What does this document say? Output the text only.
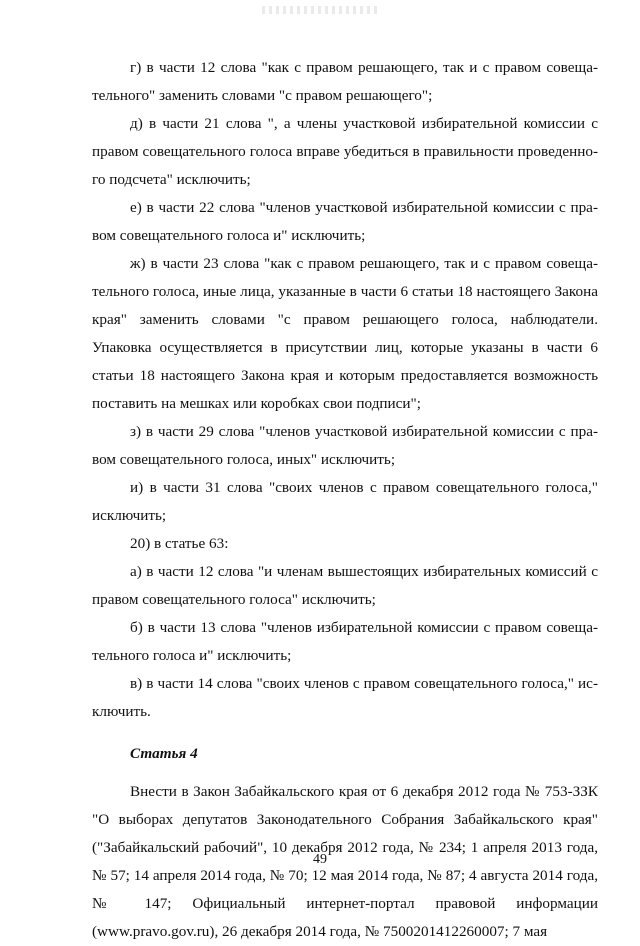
г) в части 12 слова "как с правом решающего, так и с правом совещательного" заменить словами "с правом решающего";

д) в части 21 слова ", а члены участковой избирательной комиссии с правом совещательного голоса вправе убедиться в правильности проведенного подсчета" исключить;

е) в части 22 слова "членов участковой избирательной комиссии с правом совещательного голоса и" исключить;

ж) в части 23 слова "как с правом решающего, так и с правом совещательного голоса, иные лица, указанные в части 6 статьи 18 настоящего Закона края" заменить словами "с правом решающего голоса, наблюдатели. Упаковка осуществляется в присутствии лиц, которые указаны в части 6 статьи 18 настоящего Закона края и которым предоставляется возможность поставить на мешках или коробках свои подписи";

з) в части 29 слова "членов участковой избирательной комиссии с правом совещательного голоса, иных" исключить;

и) в части 31 слова "своих членов с правом совещательного голоса," исключить;

20) в статье 63:

а) в части 12 слова "и членам вышестоящих избирательных комиссий с правом совещательного голоса" исключить;

б) в части 13 слова "членов избирательной комиссии с правом совещательного голоса и" исключить;

в) в части 14 слова "своих членов с правом совещательного голоса," исключить.

Статья 4

Внести в Закон Забайкальского края от 6 декабря 2012 года № 753-ЗЗК "О выборах депутатов Законодательного Собрания Забайкальского края" ("Забайкальский рабочий", 10 декабря 2012 года, № 234; 1 апреля 2013 года, № 57; 14 апреля 2014 года, № 70; 12 мая 2014 года, № 87; 4 августа 2014 года, № 147; Официальный интернет-портал правовой информации (www.pravo.gov.ru), 26 декабря 2014 года, № 7500201412260007; 7 мая

49
